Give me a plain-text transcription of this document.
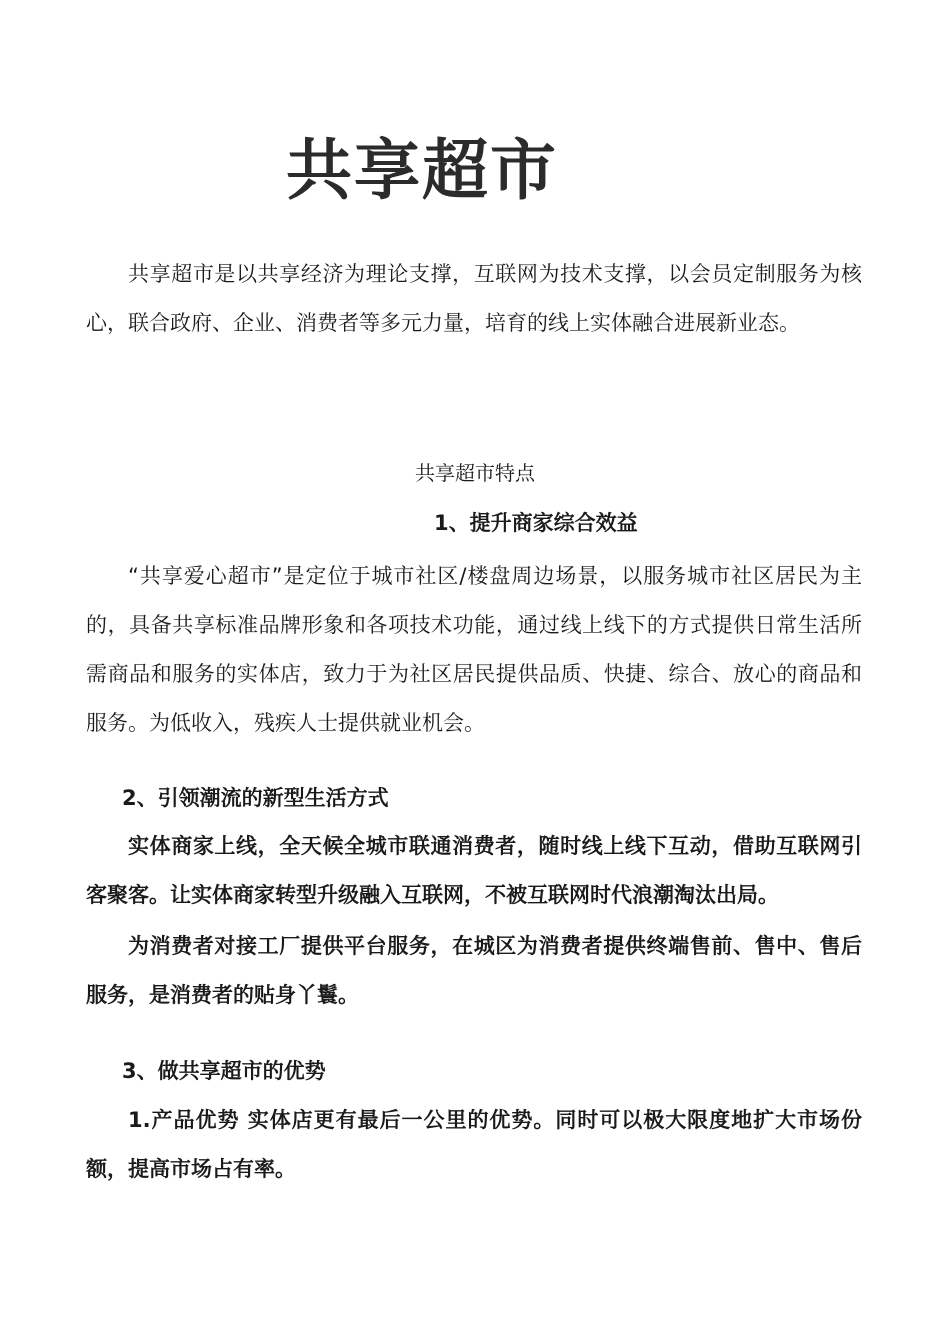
共享超市

共享超市是以共享经济为理论支撑，互联网为技术支撑，以会员定制服务为核心，联合政府、企业、消费者等多元力量，培育的线上实体融合进展新业态。

共享超市特点
1、提升商家综合效益

“共享爱心超市”是定位于城市社区/楼盘周边场景，以服务城市社区居民为主的，具备共享标准品牌形象和各项技术功能，通过线上线下的方式提供日常生活所需商品和服务的实体店，致力于为社区居民提供品质、快捷、综合、放心的商品和服务。为低收入，残疾人士提供就业机会。

2、引领潮流的新型生活方式

实体商家上线，全天候全城市联通消费者，随时线上线下互动，借助互联网引客聚客。让实体商家转型升级融入互联网，不被互联网时代浪潮淘汰出局。

为消费者对接工厂提供平台服务，在城区为消费者提供终端售前、售中、售后服务，是消费者的贴身丫鬟。

3、做共享超市的优势

1.产品优势 实体店更有最后一公里的优势。同时可以极大限度地扩大市场份额，提高市场占有率。
